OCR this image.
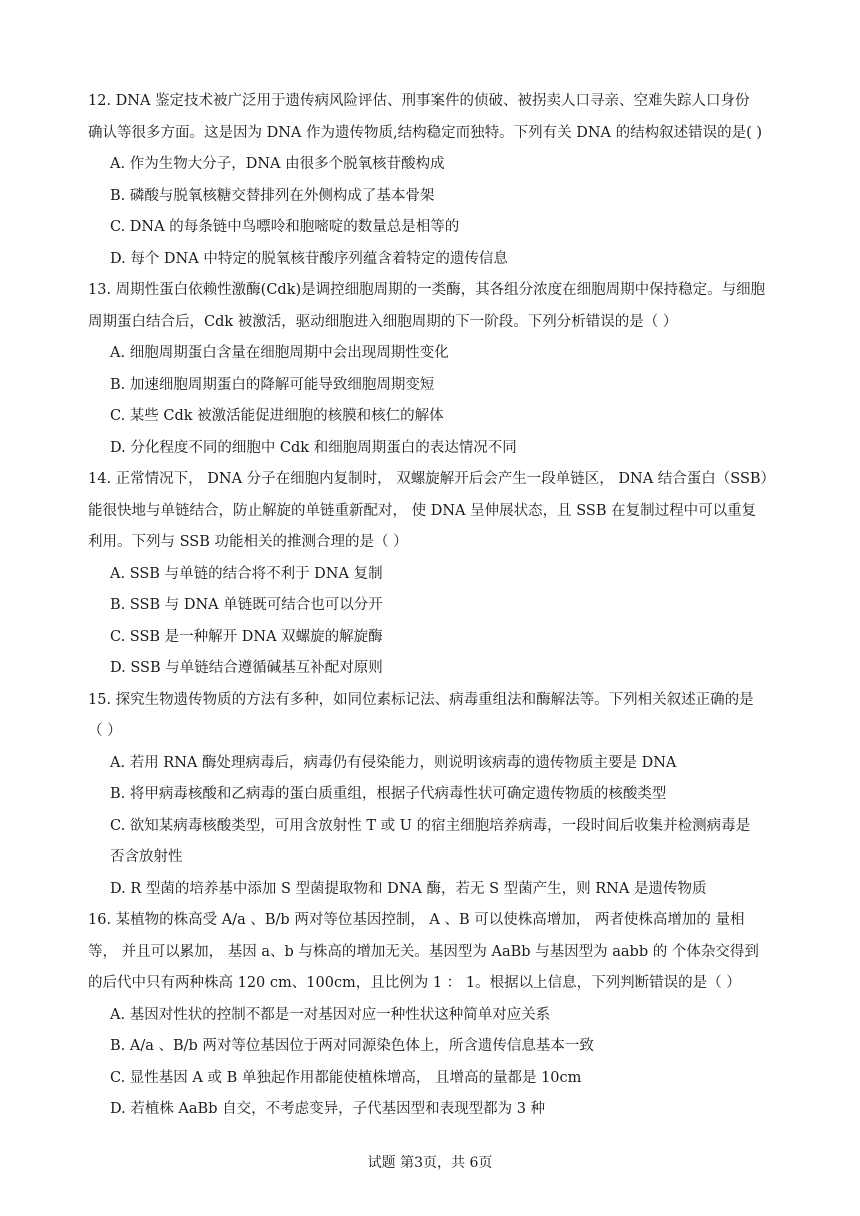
12. DNA 鉴定技术被广泛用于遗传病风险评估、刑事案件的侦破、被拐卖人口寻亲、空难失踪人口身份
确认等很多方面。这是因为 DNA 作为遗传物质,结构稳定而独特。下列有关 DNA 的结构叙述错误的是( )
A. 作为生物大分子，DNA 由很多个脱氧核苷酸构成
B. 磷酸与脱氧核糖交替排列在外侧构成了基本骨架
C. DNA 的每条链中鸟嘌呤和胞嘧啶的数量总是相等的
D. 每个 DNA 中特定的脱氧核苷酸序列蕴含着特定的遗传信息
13. 周期性蛋白依赖性激酶(Cdk)是调控细胞周期的一类酶，其各组分浓度在细胞周期中保持稳定。与细胞
周期蛋白结合后，Cdk 被激活，驱动细胞进入细胞周期的下一阶段。下列分析错误的是（ ）
A. 细胞周期蛋白含量在细胞周期中会出现周期性变化
B. 加速细胞周期蛋白的降解可能导致细胞周期变短
C. 某些 Cdk 被激活能促进细胞的核膜和核仁的解体
D. 分化程度不同的细胞中 Cdk 和细胞周期蛋白的表达情况不同
14. 正常情况下， DNA 分子在细胞内复制时， 双螺旋解开后会产生一段单链区， DNA 结合蛋白（SSB）
能很快地与单链结合，防止解旋的单链重新配对， 使 DNA 呈伸展状态，且 SSB 在复制过程中可以重复
利用。下列与 SSB 功能相关的推测合理的是（ ）
A. SSB 与单链的结合将不利于 DNA 复制
B. SSB 与 DNA 单链既可结合也可以分开
C. SSB 是一种解开 DNA 双螺旋的解旋酶
D. SSB 与单链结合遵循碱基互补配对原则
15. 探究生物遗传物质的方法有多种，如同位素标记法、病毒重组法和酶解法等。下列相关叙述正确的是
（ ）
A. 若用 RNA 酶处理病毒后，病毒仍有侵染能力，则说明该病毒的遗传物质主要是 DNA
B. 将甲病毒核酸和乙病毒的蛋白质重组，根据子代病毒性状可确定遗传物质的核酸类型
C. 欲知某病毒核酸类型，可用含放射性 T 或 U 的宿主细胞培养病毒，一段时间后收集并检测病毒是
否含放射性
D. R 型菌的培养基中添加 S 型菌提取物和 DNA 酶，若无 S 型菌产生，则 RNA 是遗传物质
16. 某植物的株高受 A/a 、B/b 两对等位基因控制， A 、B 可以使株高增加， 两者使株高增加的 量相
等， 并且可以累加， 基因 a、b 与株高的增加无关。基因型为 AaBb 与基因型为 aabb 的 个体杂交得到
的后代中只有两种株高 120 cm、100cm，且比例为 1 ： 1。根据以上信息，下列判断错误的是（ ）
A. 基因对性状的控制不都是一对基因对应一种性状这种简单对应关系
B. A/a 、B/b 两对等位基因位于两对同源染色体上，所含遗传信息基本一致
C. 显性基因 A 或 B 单独起作用都能使植株增高， 且增高的量都是 10cm
D. 若植株 AaBb 自交，不考虑变异，子代基因型和表现型都为 3 种
试题 第3页，共 6页
